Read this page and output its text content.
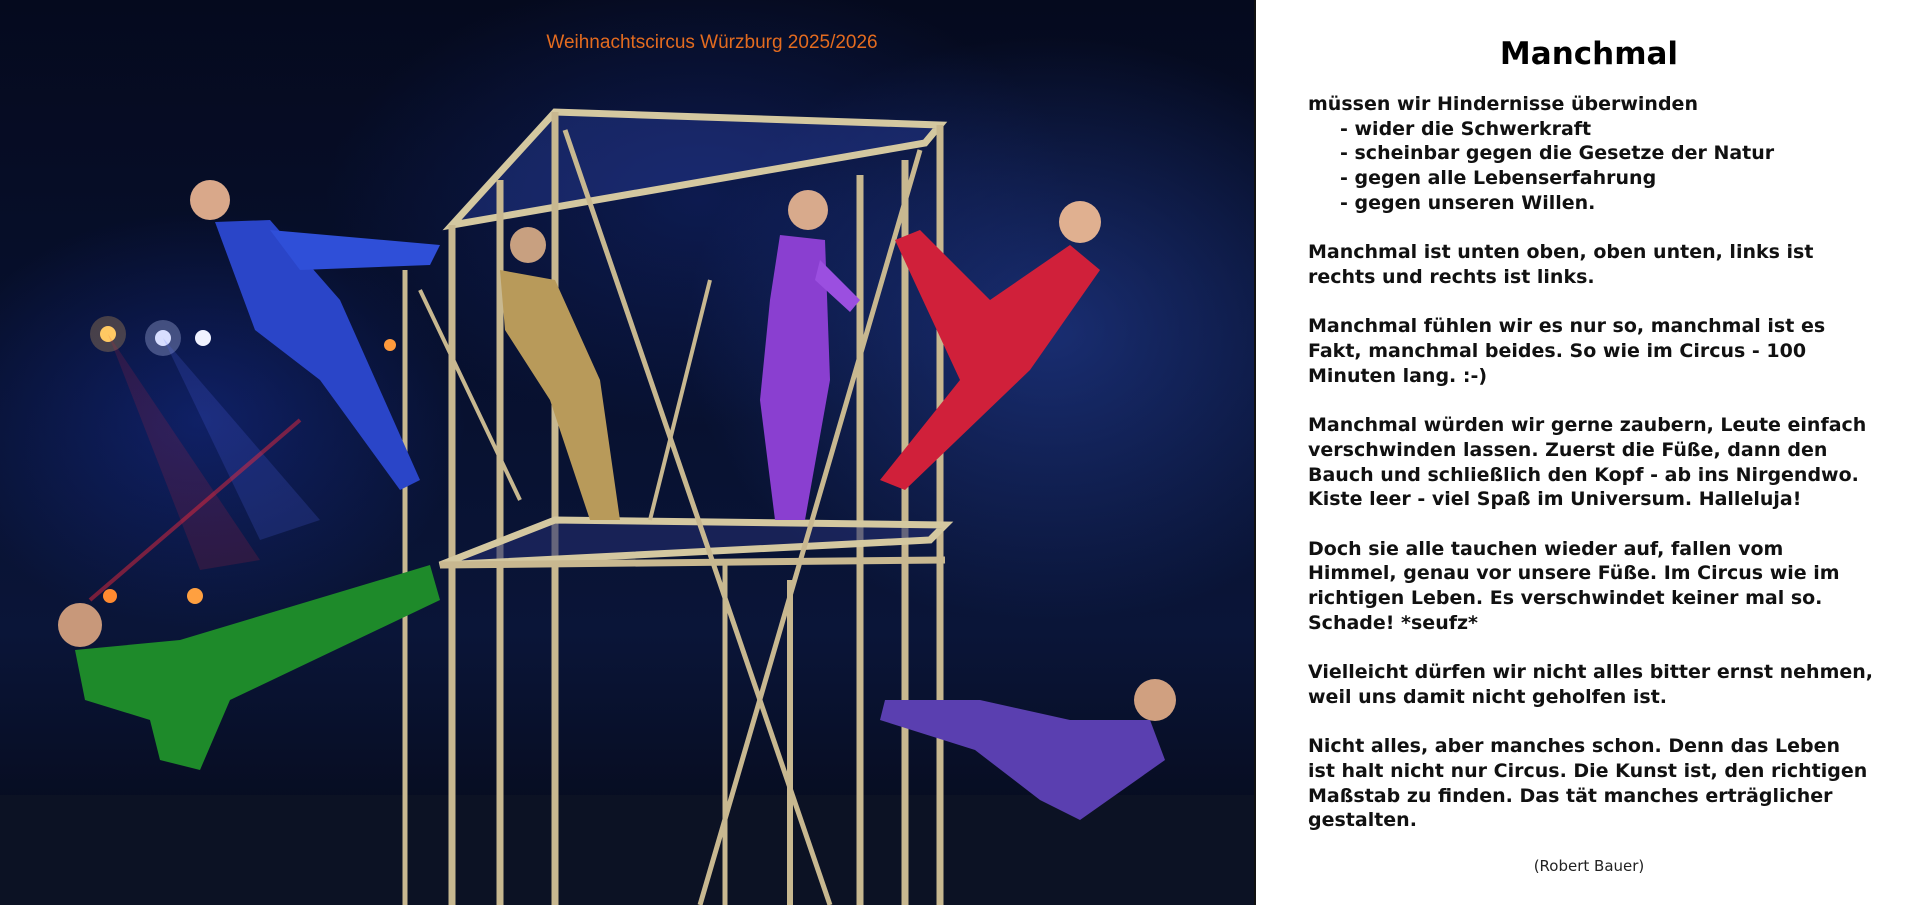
Weihnachtscircus Würzburg 2025/2026	Manchmal

müssen wir Hindernisse überwinden
- wider die Schwerkraft
- scheinbar gegen die Gesetze der Natur
- gegen alle Lebenserfahrung
- gegen unseren Willen.

Manchmal ist unten oben, oben unten, links ist
rechts und rechts ist links.

Manchmal fühlen wir es nur so, manchmal ist es
Fakt, manchmal beides. So wie im Circus - 100
Minuten lang. :-)

Manchmal würden wir gerne zaubern, Leute einfach
verschwinden lassen. Zuerst die Füße, dann den
Bauch und schließlich den Kopf - ab ins Nirgendwo.
Kiste leer - viel Spaß im Universum. Halleluja!

Doch sie alle tauchen wieder auf, fallen vom
Himmel, genau vor unsere Füße. Im Circus wie im
richtigen Leben. Es verschwindet keiner mal so.
Schade! *seufz*

Vielleicht dürfen wir nicht alles bitter ernst nehmen,
weil uns damit nicht geholfen ist.

Nicht alles, aber manches schon. Denn das Leben
ist halt nicht nur Circus. Die Kunst ist, den richtigen
Maßstab zu finden. Das tät manches erträglicher
gestalten.

(Robert Bauer)
